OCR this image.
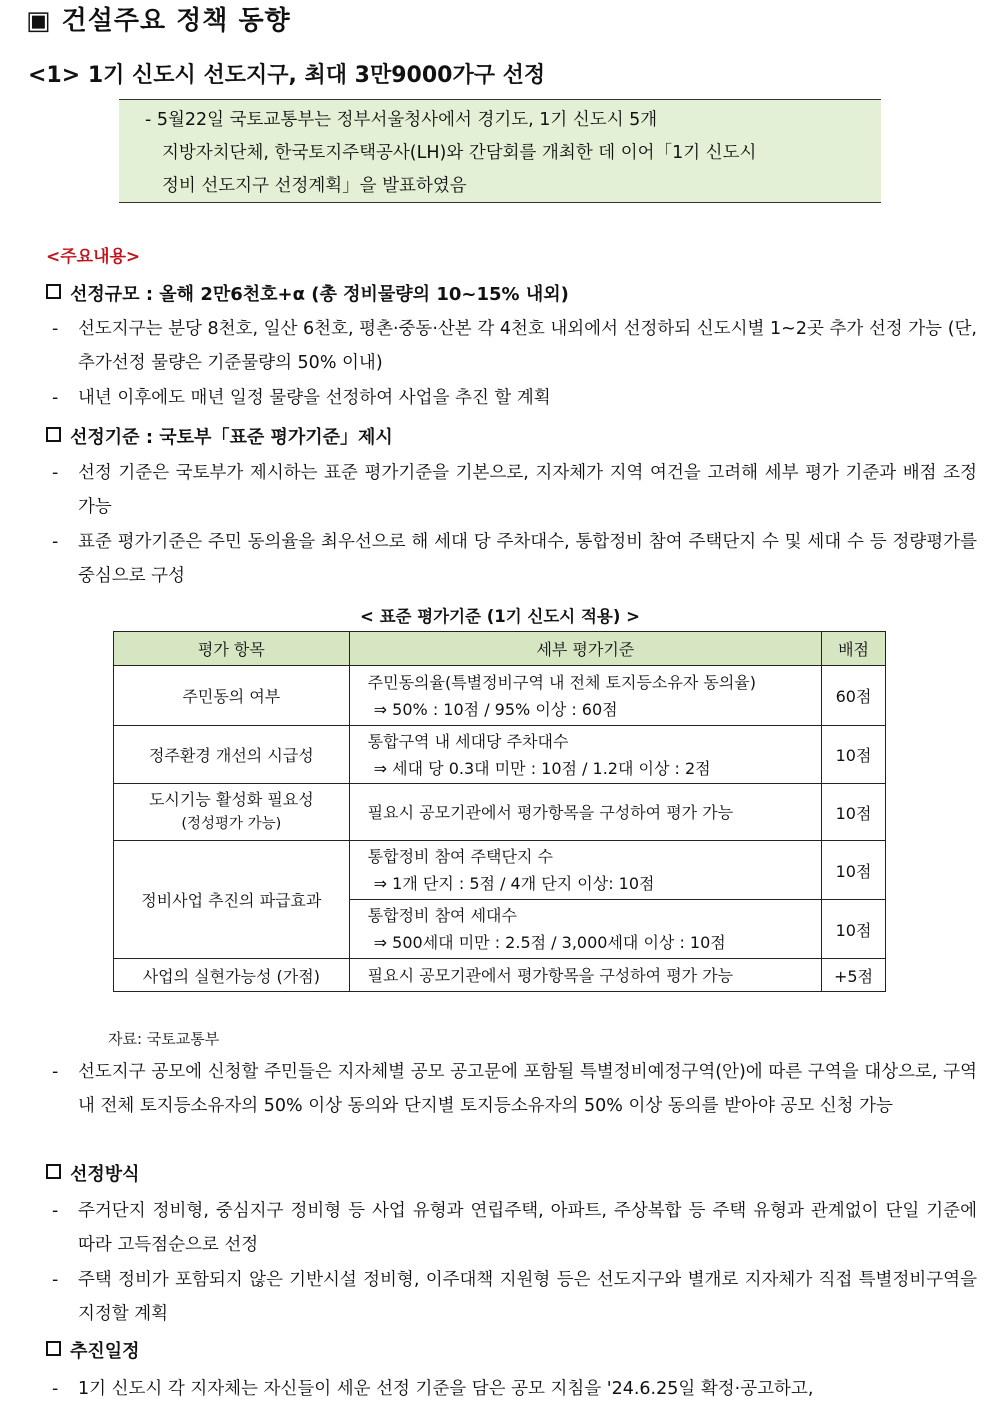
▣ 건설주요 정책 동향
<1> 1기 신도시 선도지구, 최대 3만9000가구 선정
- 5월22일 국토교통부는 정부서울청사에서 경기도, 1기 신도시 5개
지방자치단체, 한국토지주택공사(LH)와 간담회를 개최한 데 이어「1기 신도시
정비 선도지구 선정계획」을 발표하였음
<주요내용>
선정규모 : 올해 2만6천호+α (총 정비물량의 10~15% 내외)
- 선도지구는 분당 8천호, 일산 6천호, 평촌·중동·산본 각 4천호 내외에서 선정하되 신도시별 1~2곳 추가 선정 가능 (단, 추가선정 물량은 기준물량의 50% 이내)
- 내년 이후에도 매년 일정 물량을 선정하여 사업을 추진 할 계획
선정기준 : 국토부「표준 평가기준」제시
- 선정 기준은 국토부가 제시하는 표준 평가기준을 기본으로, 지자체가 지역 여건을 고려해 세부 평가 기준과 배점 조정 가능
- 표준 평가기준은 주민 동의율을 최우선으로 해 세대 당 주차대수, 통합정비 참여 주택단지 수 및 세대 수 등 정량평가를 중심으로 구성
< 표준 평가기준 (1기 신도시 적용) >
평가 항목	세부 평가기준	배점
주민동의 여부	주민동의율(특별정비구역 내 전체 토지등소유자 동의율)
⇒ 50% : 10점 / 95% 이상 : 60점	60점
정주환경 개선의 시급성	통합구역 내 세대당 주차대수
⇒ 세대 당 0.3대 미만 : 10점 / 1.2대 이상 : 2점	10점

도시기능 활성화 필요성
(정성평가 가능)	필요시 공모기관에서 평가항목을 구성하여 평가 가능	10점
정비사업 추진의 파급효과	통합정비 참여 주택단지 수
⇒ 1개 단지 : 5점 / 4개 단지 이상: 10점	10점

	통합정비 참여 세대수
⇒ 500세대 미만 : 2.5점 / 3,000세대 이상 : 10점	10점
사업의 실현가능성 (가점)	필요시 공모기관에서 평가항목을 구성하여 평가 가능	+5점
자료: 국토교통부
- 선도지구 공모에 신청할 주민들은 지자체별 공모 공고문에 포함될 특별정비예정구역(안)에 따른 구역을 대상으로, 구역 내 전체 토지등소유자의 50% 이상 동의와 단지별 토지등소유자의 50% 이상 동의를 받아야 공모 신청 가능
선정방식
- 주거단지 정비형, 중심지구 정비형 등 사업 유형과 연립주택, 아파트, 주상복합 등 주택 유형과 관계없이 단일 기준에 따라 고득점순으로 선정
- 주택 정비가 포함되지 않은 기반시설 정비형, 이주대책 지원형 등은 선도지구와 별개로 지자체가 직접 특별정비구역을 지정할 계획
추진일정
- 1기 신도시 각 지자체는 자신들이 세운 선정 기준을 담은 공모 지침을 '24.6.25일 확정·공고하고,
